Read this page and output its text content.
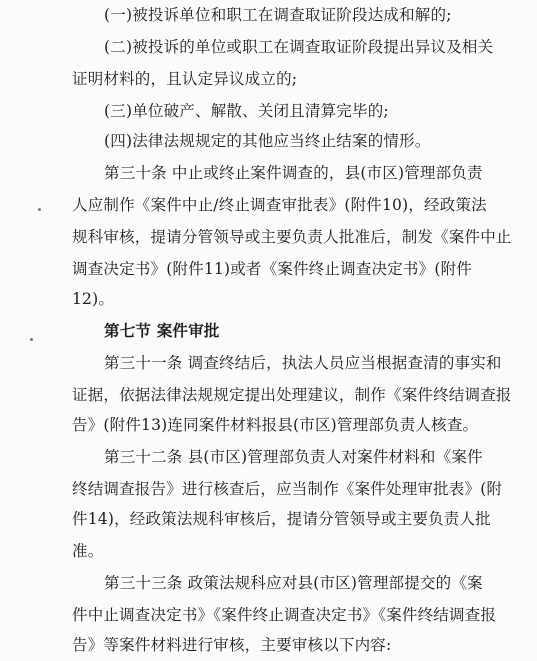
(一)被投诉单位和职工在调查取证阶段达成和解的;
(二)被投诉的单位或职工在调查取证阶段提出异议及相关
证明材料的，且认定异议成立的;
(三)单位破产、解散、关闭且清算完毕的;
(四)法律法规规定的其他应当终止结案的情形。
第三十条 中止或终止案件调查的，县(市区)管理部负责
人应制作《案件中止/终止调查审批表》(附件10)，经政策法
规科审核，提请分管领导或主要负责人批准后，制发《案件中止
调查决定书》(附件11)或者《案件终止调查决定书》(附件
12)。
第七节 案件审批
第三十一条 调查终结后，执法人员应当根据查清的事实和
证据，依据法律法规规定提出处理建议，制作《案件终结调查报
告》(附件13)连同案件材料报县(市区)管理部负责人核查。
第三十二条 县(市区)管理部负责人对案件材料和《案件
终结调查报告》进行核查后，应当制作《案件处理审批表》(附
件14)，经政策法规科审核后，提请分管领导或主要负责人批
准。
第三十三条 政策法规科应对县(市区)管理部提交的《案
件中止调查决定书》《案件终止调查决定书》《案件终结调查报
告》等案件材料进行审核，主要审核以下内容:
